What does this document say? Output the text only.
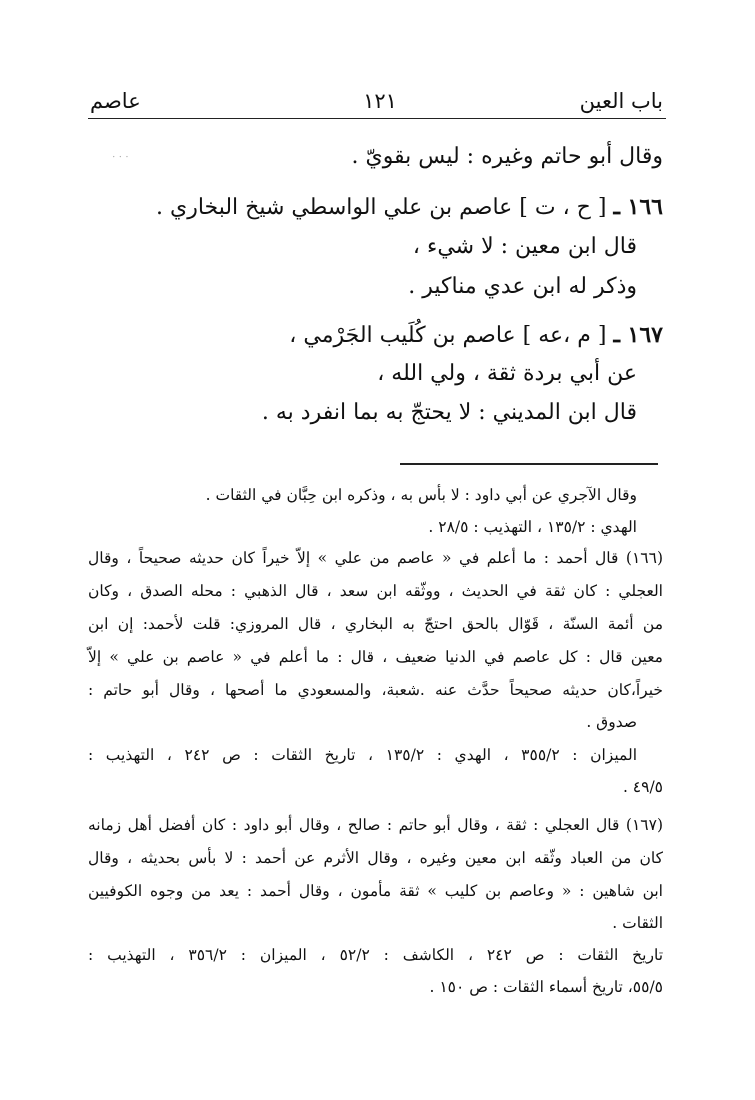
باب العين
١٢١
عاصم
⋅ ⋅ ⋅	وقال أبو حاتم وغيره : ليس بقويّ .
١٦٦ ـ [ ح ، ت ] عاصم بن علي الواسطي شيخ البخاري .
قال ابن معين : لا شيء ،
وذكر له ابن عدي مناكير .
١٦٧ ـ [ م ،عه ] عاصم بن كُلَيب الجَرْمي ،
عن أبي بردة ثقة ، ولي الله ،
قال ابن المديني : لا يحتجّ به بما انفرد به .
وقال الآجري عن أبي داود : لا بأس به ، وذكره ابن حِبَّان في الثقات .
الهدي : ١٣٥/٢ ، التهذيب : ٢٨/٥ .
(١٦٦) قال أحمد : ما أعلم في « عاصم من علي » إلاّ خيراً كان حديثه صحيحاً ، وقال
العجلي : كان ثقة في الحديث ، ووثّقه ابن سعد ، قال الذهبي : محله الصدق ، وكان
من أئمة السنّة ، قَوّال بالحق احتجّ به البخاري ، قال المروزي: قلت لأحمد: إن ابن
معين قال : كل عاصم في الدنيا ضعيف ، قال : ما أعلم في « عاصم بن علي » إلاّ
خيراً،كان حديثه صحيحاً حدَّث عنه .شعبة، والمسعودي ما أصحها ، وقال أبو حاتم :
صدوق .
الميزان : ٣٥٥/٢ ، الهدي : ١٣٥/٢ ، تاريخ الثقات : ص ٢٤٢ ، التهذيب :
٤٩/٥ .
(١٦٧) قال العجلي : ثقة ، وقال أبو حاتم : صالح ، وقال أبو داود : كان أفضل أهل زمانه
كان من العباد وثّقه ابن معين وغيره ، وقال الأثرم عن أحمد : لا بأس بحديثه ، وقال
ابن شاهين : « وعاصم بن كليب » ثقة مأمون ، وقال أحمد : يعد من وجوه الكوفيين
الثقات .
تاريخ الثقات : ص ٢٤٢ ، الكاشف : ٥٢/٢ ، الميزان : ٣٥٦/٢ ، التهذيب :
٥٥/٥، تاريخ أسماء الثقات : ص ١٥٠ .
